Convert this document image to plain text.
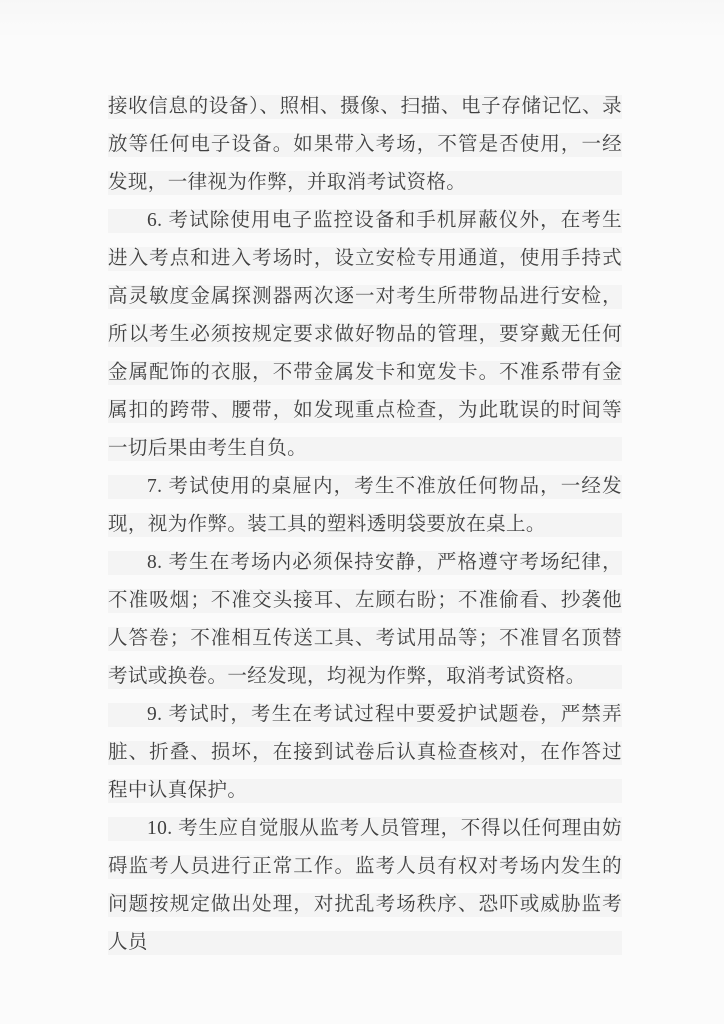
接收信息的设备）、照相、摄像、扫描、电子存储记忆、录放等任何电子设备。如果带入考场，不管是否使用，一经发现，一律视为作弊，并取消考试资格。

6. 考试除使用电子监控设备和手机屏蔽仪外，在考生进入考点和进入考场时，设立安检专用通道，使用手持式高灵敏度金属探测器两次逐一对考生所带物品进行安检，所以考生必须按规定要求做好物品的管理，要穿戴无任何金属配饰的衣服，不带金属发卡和宽发卡。不准系带有金属扣的跨带、腰带，如发现重点检查，为此耽误的时间等一切后果由考生自负。

7. 考试使用的桌屉内，考生不准放任何物品，一经发现，视为作弊。装工具的塑料透明袋要放在桌上。

8. 考生在考场内必须保持安静，严格遵守考场纪律，不准吸烟；不准交头接耳、左顾右盼；不准偷看、抄袭他人答卷；不准相互传送工具、考试用品等；不准冒名顶替考试或换卷。一经发现，均视为作弊，取消考试资格。

9. 考试时，考生在考试过程中要爱护试题卷，严禁弄脏、折叠、损坏，在接到试卷后认真检查核对，在作答过程中认真保护。

10. 考生应自觉服从监考人员管理，不得以任何理由妨碍监考人员进行正常工作。监考人员有权对考场内发生的问题按规定做出处理，对扰乱考场秩序、恐吓或威胁监考人员
